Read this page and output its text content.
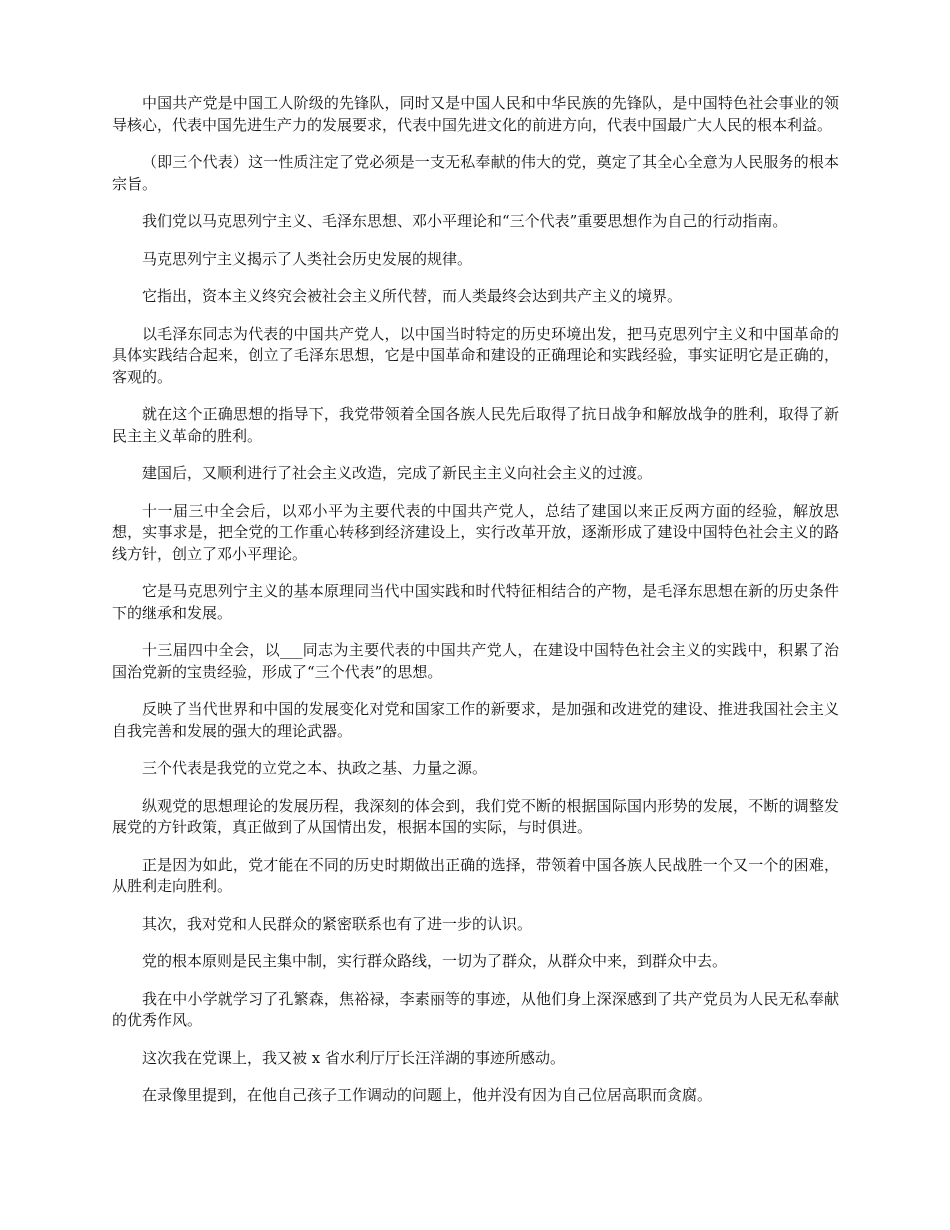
中国共产党是中国工人阶级的先锋队，同时又是中国人民和中华民族的先锋队，是中国特色社会事业的领导核心，代表中国先进生产力的发展要求，代表中国先进文化的前进方向，代表中国最广大人民的根本利益。

（即三个代表）这一性质注定了党必须是一支无私奉献的伟大的党，奠定了其全心全意为人民服务的根本宗旨。

我们党以马克思列宁主义、毛泽东思想、邓小平理论和“三个代表”重要思想作为自己的行动指南。

马克思列宁主义揭示了人类社会历史发展的规律。

它指出，资本主义终究会被社会主义所代替，而人类最终会达到共产主义的境界。

以毛泽东同志为代表的中国共产党人，以中国当时特定的历史环境出发，把马克思列宁主义和中国革命的具体实践结合起来，创立了毛泽东思想，它是中国革命和建设的正确理论和实践经验，事实证明它是正确的，客观的。

就在这个正确思想的指导下，我党带领着全国各族人民先后取得了抗日战争和解放战争的胜利，取得了新民主主义革命的胜利。

建国后，又顺利进行了社会主义改造，完成了新民主主义向社会主义的过渡。

十一届三中全会后，以邓小平为主要代表的中国共产党人，总结了建国以来正反两方面的经验，解放思想，实事求是，把全党的工作重心转移到经济建设上，实行改革开放，逐渐形成了建设中国特色社会主义的路线方针，创立了邓小平理论。

它是马克思列宁主义的基本原理同当代中国实践和时代特征相结合的产物，是毛泽东思想在新的历史条件下的继承和发展。

十三届四中全会，以___同志为主要代表的中国共产党人，在建设中国特色社会主义的实践中，积累了治国治党新的宝贵经验，形成了“三个代表”的思想。

反映了当代世界和中国的发展变化对党和国家工作的新要求，是加强和改进党的建设、推进我国社会主义自我完善和发展的强大的理论武器。

三个代表是我党的立党之本、执政之基、力量之源。

纵观党的思想理论的发展历程，我深刻的体会到，我们党不断的根据国际国内形势的发展，不断的调整发展党的方针政策，真正做到了从国情出发，根据本国的实际，与时俱进。

正是因为如此，党才能在不同的历史时期做出正确的选择，带领着中国各族人民战胜一个又一个的困难，从胜利走向胜利。

其次，我对党和人民群众的紧密联系也有了进一步的认识。

党的根本原则是民主集中制，实行群众路线，一切为了群众，从群众中来，到群众中去。

我在中小学就学习了孔繁森，焦裕禄，李素丽等的事迹，从他们身上深深感到了共产党员为人民无私奉献的优秀作风。

这次我在党课上，我又被 x 省水利厅厅长汪洋湖的事迹所感动。

在录像里提到，在他自己孩子工作调动的问题上，他并没有因为自己位居高职而贪腐。
